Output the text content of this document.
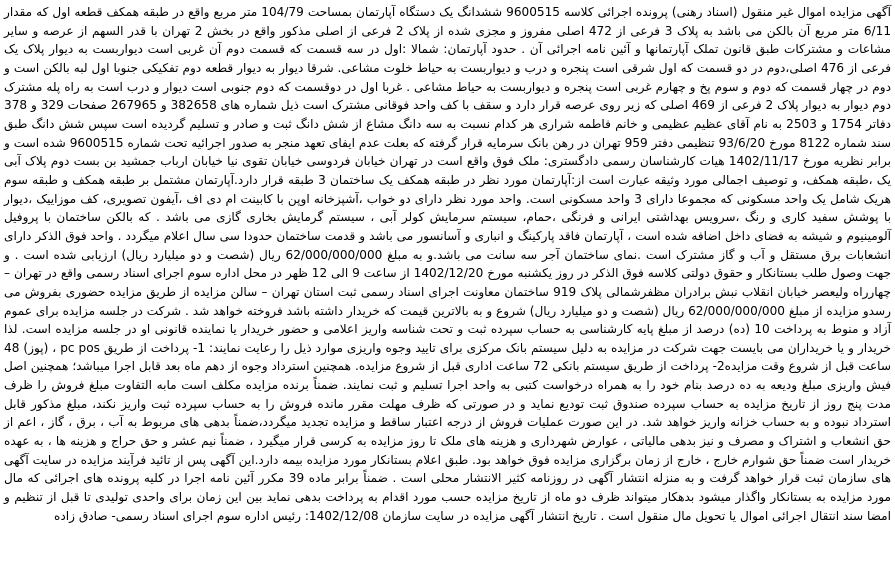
آگهی مزایده اموال غیر منقول (اسناد رهنی) پرونده اجرائی کلاسه 9600515 ششدانگ یک دستگاه آپارتمان بمساحت 104/79 متر مربع واقع در طبقه همکف قطعه اول که مقدار 6/11 متر مربع آن بالکن می باشد به پلاک 3 فرعی از 472 اصلی مفروز و مجزی شده از پلاک 2 فرعی از اصلی مذکور واقع در بخش 2 تهران با قدر السهم از عرصه و سایر مشاعات و مشترکات طبق قانون تملک آپارتمانها و آئین نامه اجرائی آن . حدود آپارتمان: شمالا :اول در سه قسمت که قسمت دوم آن غربی است دیواربست به دیوار پلاک یک فرعی از 476 اصلی،دوم در دو قسمت که اول شرقی است پنجره و درب و دیواربست به حیاط خلوت مشاعی. شرقا دیوار به دیوار قطعه دوم تفکیکی جنوبا اول لبه بالکن است و دوم در چهار قسمت که دوم و سوم پخ و چهارم غربی است پنجره و دیواربست به حیاط مشاعی . غربا اول در دوقسمت که دوم جنوبی است دیوار و درب است به راه پله مشترک دوم دیوار به دیوار پلاک 2 فرعی از 469 اصلی که زیر روی عرصه قرار دارد و سقف با کف واحد فوقانی مشترک است ذیل شماره های 382658 و 267965 صفحات 329 و 378 دفاتر 1754 و 2503 به نام آقای عظیم عظیمی و خانم فاطمه شراری هر کدام نسبت به سه دانگ مشاع از شش دانگ ثبت و صادر و تسلیم گردیده است سپس شش دانگ طبق سند شماره 8122 مورخ 93/6/20 تنظیمی دفتر 959 تهران در رهن بانک سرمایه قرار گرفته که بعلت عدم ایفای تعهد منجر به صدور اجرائیه تحت شماره 9600515 شده است و برابر نظریه مورخ 1402/11/17 هیات کارشناسان رسمی دادگستری: ملک فوق واقع است در تهران خیابان فردوسی خیابان تقوی نیا خیابان ارباب جمشید بن بست دوم پلاک آبی یک ،طبقه همکف، و توصیف اجمالی مورد وثیقه عبارت است از:آپارتمان مورد نظر در طبقه همکف یک ساختمان 3 طبقه قرار دارد.آپارتمان مشتمل بر طبقه همکف و طبقه سوم هریک شامل یک واحد مسکونی که مجموعا دارای 3 واحد مسکونی است. واحد مورد نظر دارای دو خواب ،آشپزخانه اوپن با کابینت ام دی اف ،آیفون تصویری، کف موزاییک ،دیوار با پوشش سفید کاری و رنگ ،سرویس بهداشتی ایرانی و فرنگی ،حمام، سیستم سرمایش کولر آبی ، سیستم گرمایش بخاری گازی می باشد . که بالکن ساختمان با پروفیل آلومینیوم و شیشه به فضای داخل اضافه شده است ، آپارتمان فاقد پارکینگ و انباری و آسانسور می باشد و قدمت ساختمان حدودا سی سال اعلام میگردد . واحد فوق الذکر دارای انشعابات برق مستقل و آب و گاز مشترک است .نمای ساختمان آجر سه سانت می باشد.و به مبلغ 62/000/000/000 ریال (شصت و دو میلیارد ریال) ارزیابی شده است . و جهت وصول طلب بستانکار و حقوق دولتی کلاسه فوق الذکر در روز یکشنبه مورخ 1402/12/20 از ساعت 9 الی 12 ظهر در محل اداره سوم اجرای اسناد رسمی واقع در تهران – چهارراه ولیعصر خیابان انقلاب نبش برادران مظفرشمالی پلاک 919 ساختمان معاونت اجرای اسناد رسمی ثبت استان تهران – سالن مزایده از طریق مزایده حضوری بفروش می رسدو مزایده از مبلغ 62/000/000/000 ریال (شصت و دو میلیارد ریال) شروع و به بالاترین قیمت که خریدار داشته باشد فروخته خواهد شد . شرکت در جلسه مزایده برای عموم آزاد و منوط به پرداخت 10 (ده) درصد از مبلغ پایه کارشناسی به حساب سپرده ثبت و تحت شناسه واریز اعلامی و حضور خریدار یا نماینده قانونی او در جلسه مزایده است. لذا خریدار و یا خریداران می بایست جهت شرکت در مزایده به دلیل سیستم بانک مرکزی برای تایید وجوه واریزی موارد ذیل را رعایت نمایند: 1- پرداخت از طریق pc pos ، (پوز) 48 ساعت قبل از شروع وقت مزایده2- پرداخت از طریق سیستم بانکی 72 ساعت اداری قبل از شروع مزایده. همچنین استرداد وجوه از دهم ماه بعد قابل اجرا میباشد؛ همچنین اصل فیش واریزی مبلغ ودیعه به ده درصد بنام خود را به همراه درخواست کتبی به واحد اجرا تسلیم و ثبت نمایند. ضمناً برنده مزایده مکلف است مابه التفاوت مبلغ فروش را ظرف مدت پنج روز از تاریخ مزایده به حساب سپرده صندوق ثبت تودیع نماید و در صورتی که ظرف مهلت مقرر مانده فروش را به حساب سپرده ثبت واریز نکند، مبلغ مذکور قابل استرداد نبوده و به حساب خزانه واریز خواهد شد. در این صورت عملیات فروش از درجه اعتبار ساقط و مزایده تجدید میگردد،ضمناً بدهی های مربوط به آب ، برق ، گاز ، اعم از حق انشعاب و اشتراک و مصرف و نیز بدهی مالیاتی ، عوارض شهرداری و هزینه های ملک تا روز مزایده به کرسی قرار میگیرد ، ضمناً نیم عشر و حق حراج و هزینه ها ، به عهده خریدار است ضمناً حق شوارم خارج ، خارج از زمان برگزاری مزایده فوق خواهد بود. طبق اعلام بستانکار مورد مزایده بیمه دارد.این آگهی پس از تائید فرآیند مزایده در سایت آگهی های سازمان ثبت قرار خواهد گرفت و به منزله انتشار آگهی در روزنامه کثیر الانتشار محلی است . ضمناً برابر ماده 39 مکرر آئین نامه اجرا در کلیه پرونده های اجرائی که مال مورد مزایده به بستانکار واگذار میشود بدهکار میتواند ظرف دو ماه از تاریخ مزایده حسب مورد اقدام به پرداخت بدهی نماید بین این زمان برای واحدی تولیدی تا قبل از تنظیم و امضا سند انتقال اجرائی اموال یا تحویل مال منقول است . تاریخ انتشار آگهی مزایده در سایت سازمان 1402/12/08: رئیس اداره سوم اجرای اسناد رسمی- صادق زاده
